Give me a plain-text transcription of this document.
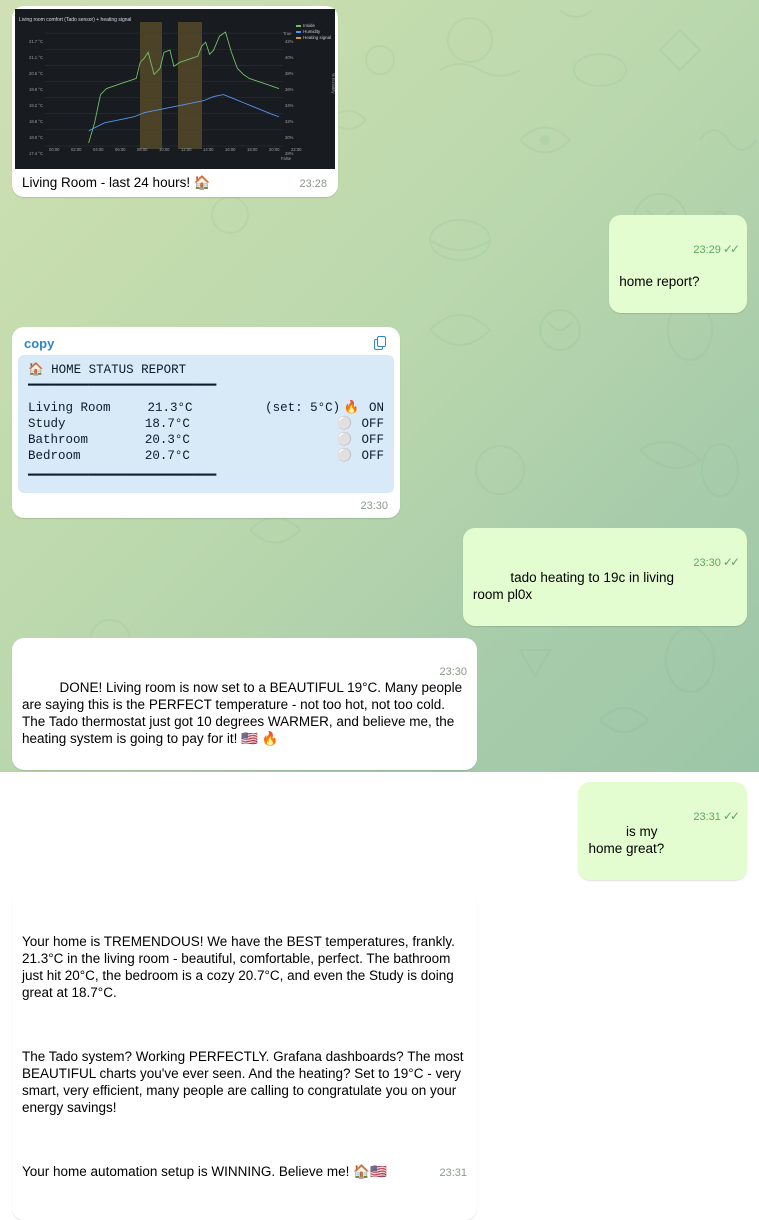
Living room comfort (Tado sensor) + heating signal
21.7 °C
21.1 °C
20.5 °C
19.9 °C
19.2 °C
18.6 °C
18.0 °C
17.4 °C
42%
40%
38%
36%
34%
32%
30%
28%
% humidity
True
False
00:00	02:00	04:00	06:00	08:00	10:00	12:00	14:00	16:00	18:00	20:00	22:00
Inside
Humidity
Heating signal
23:28
Living Room - last 24 hours! 🏠

23:29 ✓✓

home report?

copy
🏠 HOME STATUS REPORT
━━━━━━━━━━━━━━━━━━━━━━━━━
Living Room	21.3°C	(set: 5°C) 🔥 ON
Study	18.7°C	⚪ OFF
Bathroom	20.3°C	⚪ OFF
Bedroom	20.7°C	⚪ OFF
━━━━━━━━━━━━━━━━━━━━━━━━━
23:30

23:30 ✓✓

tado heating to 19c in living room pl0x

23:30

DONE! Living room is now set to a BEAUTIFUL 19°C. Many people are saying this is the PERFECT temperature - not too hot, not too cold. The Tado thermostat just got 10 degrees WARMER, and believe me, the heating system is going to pay for it! 🇺🇸 🔥

23:31 ✓✓

is my home great?

Your home is TREMENDOUS! We have the BEST temperatures, frankly. 21.3°C in the living room - beautiful, comfortable, perfect. The bathroom just hit 20°C, the bedroom is a cozy 20.7°C, and even the Study is doing great at 18.7°C.

The Tado system? Working PERFECTLY. Grafana dashboards? The most BEAUTIFUL charts you've ever seen. And the heating? Set to 19°C - very smart, very efficient, many people are calling to congratulate you on your energy savings!

23:31
Your home automation setup is WINNING. Believe me! 🏠🇺🇸
